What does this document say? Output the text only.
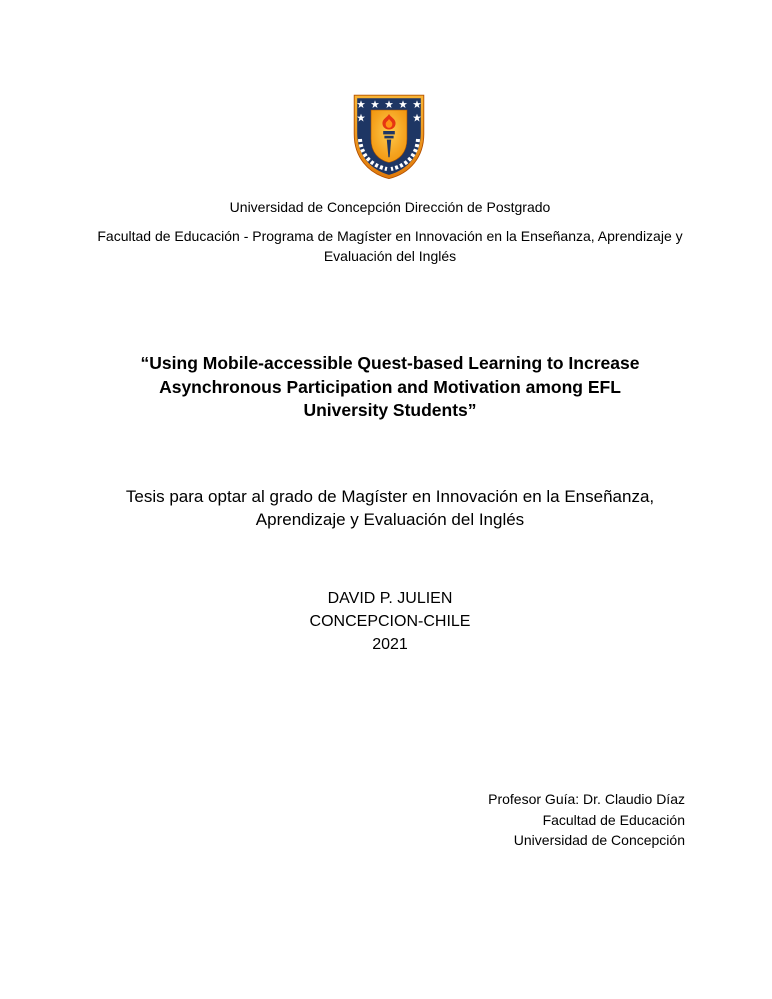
Universidad de Concepción Dirección de Postgrado
Facultad de Educación - Programa de Magíster en Innovación en la Enseñanza, Aprendizaje y
Evaluación del Inglés
“Using Mobile-accessible Quest-based Learning to Increase
Asynchronous Participation and Motivation among EFL
University Students”
Tesis para optar al grado de Magíster en Innovación en la Enseñanza,
Aprendizaje y Evaluación del Inglés
DAVID P. JULIEN
CONCEPCION-CHILE
2021
Profesor Guía: Dr. Claudio Díaz
Facultad de Educación
Universidad de Concepción
